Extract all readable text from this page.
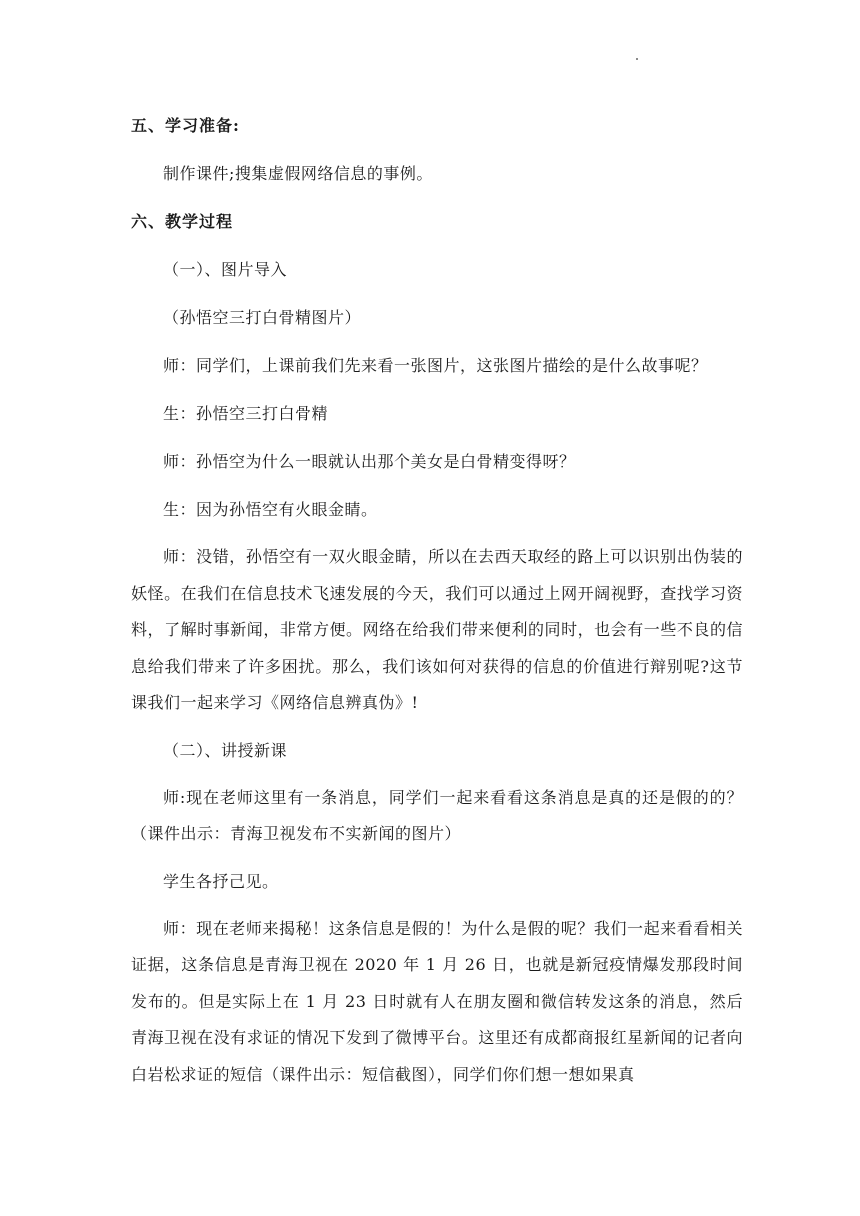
五、学习准备:

制作课件;搜集虚假网络信息的事例。

六、教学过程

（一）、图片导入

（孙悟空三打白骨精图片）

师：同学们，上课前我们先来看一张图片，这张图片描绘的是什么故事呢？

生：孙悟空三打白骨精

师：孙悟空为什么一眼就认出那个美女是白骨精变得呀？

生：因为孙悟空有火眼金睛。

师：没错，孙悟空有一双火眼金睛，所以在去西天取经的路上可以识别出伪装的妖怪。在我们在信息技术飞速发展的今天，我们可以通过上网开阔视野，查找学习资料，了解时事新闻，非常方便。网络在给我们带来便利的同时，也会有一些不良的信息给我们带来了许多困扰。那么，我们该如何对获得的信息的价值进行辩别呢?这节课我们一起来学习《网络信息辨真伪》!

（二）、讲授新课

师:现在老师这里有一条消息，同学们一起来看看这条消息是真的还是假的的？（课件出示：青海卫视发布不实新闻的图片）

学生各抒己见。

师：现在老师来揭秘！这条信息是假的！为什么是假的呢？我们一起来看看相关证据，这条信息是青海卫视在 2020 年 1 月 26 日，也就是新冠疫情爆发那段时间发布的。但是实际上在 1 月 23 日时就有人在朋友圈和微信转发这条的消息，然后青海卫视在没有求证的情况下发到了微博平台。这里还有成都商报红星新闻的记者向白岩松求证的短信（课件出示：短信截图），同学们你们想一想如果真
